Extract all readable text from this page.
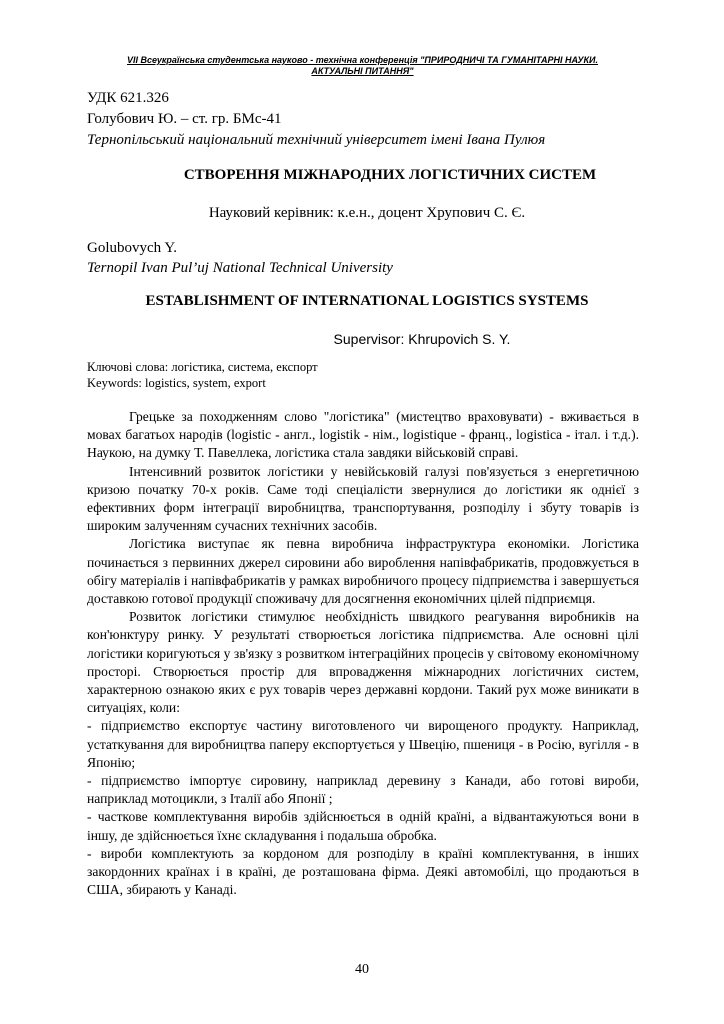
VII Всеукраїнська студентська науково - технічна конференція "ПРИРОДНИЧІ ТА ГУМАНІТАРНІ НАУКИ.
АКТУАЛЬНІ ПИТАННЯ"
УДК 621.326
Голубович Ю. – ст. гр. БМс-41
Тернопільський національний технічний університет імені Івана Пулюя
СТВОРЕННЯ МІЖНАРОДНИХ ЛОГІСТИЧНИХ СИСТЕМ
Науковий керівник: к.е.н., доцент Хрупович С. Є.
Golubovych Y.
Ternopil Ivan Pul’uj National Technical University
ESTABLISHMENT OF INTERNATIONAL LOGISTICS SYSTEMS
Supervisor: Khrupovich S. Y.
Ключові слова: логістика, система, експорт
Keywords: logistics, system, export

Грецьке за походженням слово "логістика" (мистецтво враховувати) - вживається в мовах багатьох народів (logistic - англ., logistik - нім., logistique - франц., logistica - італ. і т.д.). Наукою, на думку Т. Павеллека, логістика стала завдяки військовій справі.

Інтенсивний розвиток логістики у невійськовій галузі пов'язується з енергетичною кризою початку 70-х років. Саме тоді спеціалісти звернулися до логістики як однієї з ефективних форм інтеграції виробництва, транспортування, розподілу і збуту товарів із широким залученням сучасних технічних засобів.

Логістика виступає як певна виробнича інфраструктура економіки. Логістика починається з первинних джерел сировини або вироблення напівфабрикатів, продовжується в обігу матеріалів і напівфабрикатів у рамках виробничого процесу підприємства і завершується доставкою готової продукції споживачу для досягнення економічних цілей підприємця.

Розвиток логістики стимулює необхідність швидкого реагування виробників на кон'юнктуру ринку. У результаті створюється логістика підприємства. Але основні цілі логістики коригуються у зв'язку з розвитком інтеграційних процесів у світовому економічному просторі. Створюється простір для впровадження міжнародних логістичних систем, характерною ознакою яких є рух товарів через державні кордони. Такий рух може виникати в ситуаціях, коли:

- підприємство експортує частину виготовленого чи вирощеного продукту. Наприклад, устаткування для виробництва паперу експортується у Швецію, пшениця - в Росію, вугілля - в Японію;

- підприємство імпортує сировину, наприклад деревину з Канади, або готові вироби, наприклад мотоцикли, з Італії або Японії ;

- часткове комплектування виробів здійснюється в одній країні, а відвантажуються вони в іншу, де здійснюється їхнє складування і подальша обробка.

- вироби комплектують за кордоном для розподілу в країні комплектування, в інших закордонних країнах і в країні, де розташована фірма. Деякі автомобілі, що продаються в США, збирають у Канаді.

40
